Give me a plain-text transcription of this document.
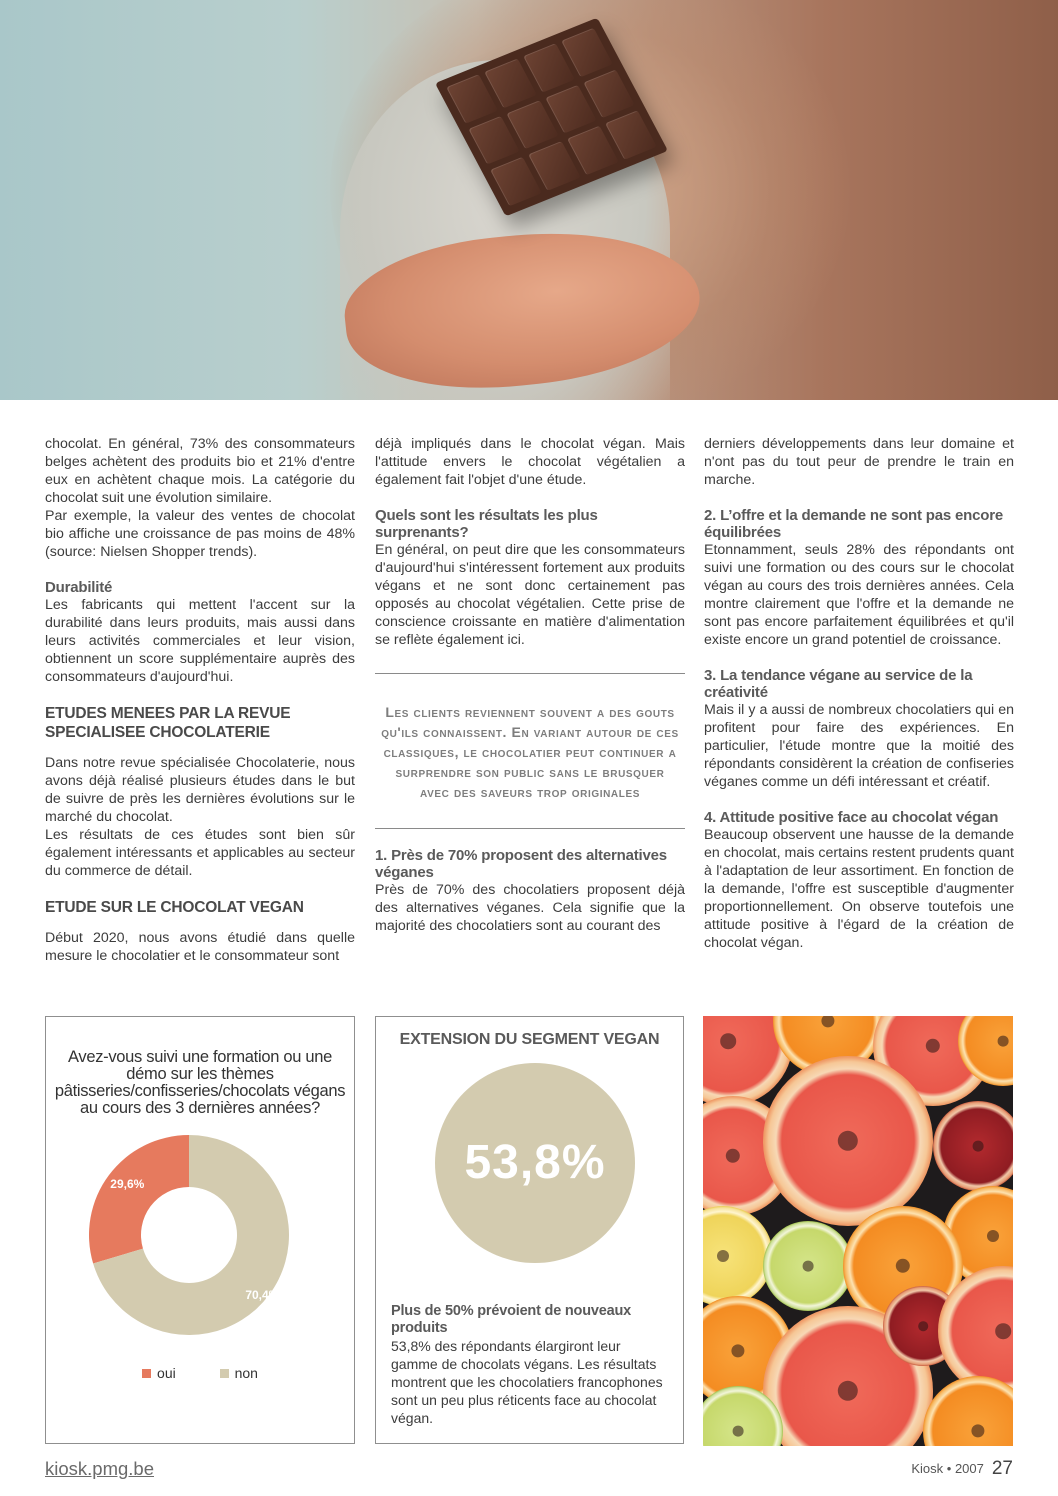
chocolat. En général, 73% des consommateurs belges achètent des produits bio et 21% d'entre eux en achètent chaque mois. La catégorie du chocolat suit une évolution similaire.

Par exemple, la valeur des ventes de chocolat bio affiche une croissance de pas moins de 48% (source: Nielsen Shopper trends).

Durabilité

Les fabricants qui mettent l'accent sur la durabilité dans leurs produits, mais aussi dans leurs activités commerciales et leur vision, obtiennent un score supplémentaire auprès des consommateurs d'aujourd'hui.

ETUDES MENEES PAR LA REVUE SPECIALISEE CHOCOLATERIE

Dans notre revue spécialisée Chocolaterie, nous avons déjà réalisé plusieurs études dans le but de suivre de près les dernières évolutions sur le marché du chocolat.

Les résultats de ces études sont bien sûr également intéressants et applicables au secteur du commerce de détail.

ETUDE SUR LE CHOCOLAT VEGAN

Début 2020, nous avons étudié dans quelle mesure le chocolatier et le consommateur sont

déjà impliqués dans le chocolat végan. Mais l'attitude envers le chocolat végétalien a également fait l'objet d'une étude.

Quels sont les résultats les plus surprenants?

En général, on peut dire que les consommateurs d'aujourd'hui s'intéressent fortement aux produits végans et ne sont donc certainement pas opposés au chocolat végétalien. Cette prise de conscience croissante en matière d'alimentation se reflète également ici.

Les clients reviennent souvent a des gouts qu'ils connaissent. En variant autour de ces classiques, le chocolatier peut continuer a surprendre son public sans le brusquer avec des saveurs trop originales
1. Près de 70% proposent des alternatives véganes

Près de 70% des chocolatiers proposent déjà des alternatives véganes. Cela signifie que la majorité des chocolatiers sont au courant des

derniers développements dans leur domaine et n'ont pas du tout peur de prendre le train en marche.

2. L’offre et la demande ne sont pas encore équilibrées

Etonnamment, seuls 28% des répondants ont suivi une formation ou des cours sur le chocolat végan au cours des trois dernières années. Cela montre clairement que l'offre et la demande ne sont pas encore parfaitement équilibrées et qu'il existe encore un grand potentiel de croissance.

3. La tendance végane au service de la créativité

Mais il y a aussi de nombreux chocolatiers qui en profitent pour faire des expériences. En particulier, l'étude montre que la moitié des répondants considèrent la création de confiseries véganes comme un défi intéressant et créatif.

4. Attitude positive face au chocolat végan

Beaucoup observent une hausse de la demande en chocolat, mais certains restent prudents quant à l'adaptation de leur assortiment. En fonction de la demande, l'offre est susceptible d'augmenter proportionnellement. On observe toutefois une attitude positive à l'égard de la création de chocolat végan.

Avez-vous suivi une formation ou une démo sur les thèmes pâtisseries/confisseries/chocolats végans au cours des 3 dernières années?
29,6%
70,4%
oui	non
EXTENSION DU SEGMENT VEGAN
53,8%
Plus de 50% prévoient de nouveaux produits

53,8% des répondants élargiront leur gamme de chocolats végans. Les résultats montrent que les chocolatiers francophones sont un peu plus réticents face au chocolat végan.

kiosk.pmg.be	Kiosk • 2007 27
